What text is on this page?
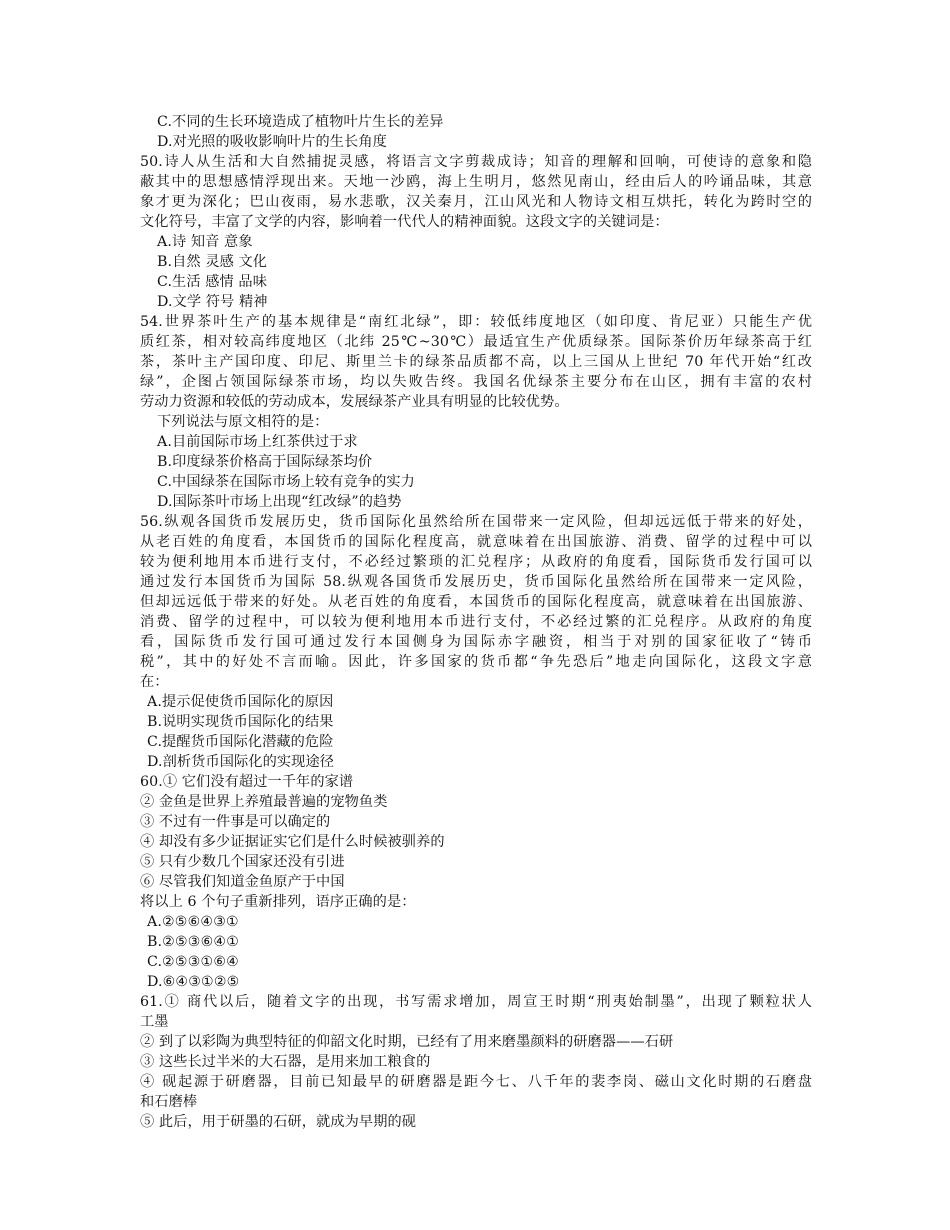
C.不同的生长环境造成了植物叶片生长的差异
D.对光照的吸收影响叶片的生长角度
50.诗人从生活和大自然捕捉灵感，将语言文字剪裁成诗；知音的理解和回响，可使诗的意象和隐
蔽其中的思想感情浮现出来。天地一沙鸥，海上生明月，悠然见南山，经由后人的吟诵品味，其意
象才更为深化；巴山夜雨，易水悲歌，汉关秦月，江山风光和人物诗文相互烘托，转化为跨时空的
文化符号，丰富了文学的内容，影响着一代代人的精神面貌。这段文字的关键词是：
A.诗 知音 意象
B.自然 灵感 文化
C.生活 感情 品味
D.文学 符号 精神
54.世界茶叶生产的基本规律是“南红北绿”，即：较低纬度地区（如印度、肯尼亚）只能生产优
质红茶，相对较高纬度地区（北纬 25℃~30℃）最适宜生产优质绿茶。国际茶价历年绿茶高于红
茶，茶叶主产国印度、印尼、斯里兰卡的绿茶品质都不高，以上三国从上世纪 70 年代开始“红改
绿”，企图占领国际绿茶市场，均以失败告终。我国名优绿茶主要分布在山区，拥有丰富的农村
劳动力资源和较低的劳动成本，发展绿茶产业具有明显的比较优势。
下列说法与原文相符的是：
A.目前国际市场上红茶供过于求
B.印度绿茶价格高于国际绿茶均价
C.中国绿茶在国际市场上较有竞争的实力
D.国际茶叶市场上出现“红改绿”的趋势
56.纵观各国货币发展历史，货币国际化虽然给所在国带来一定风险，但却远远低于带来的好处，
从老百姓的角度看，本国货币的国际化程度高，就意味着在出国旅游、消费、留学的过程中可以
较为便利地用本币进行支付，不必经过繁琐的汇兑程序；从政府的角度看，国际货币发行国可以
通过发行本国货币为国际 58.纵观各国货币发展历史，货币国际化虽然给所在国带来一定风险，
但却远远低于带来的好处。从老百姓的角度看，本国货币的国际化程度高，就意味着在出国旅游、
消费、留学的过程中，可以较为便利地用本币进行支付，不必经过繁的汇兑程序。从政府的角度
看，国际货币发行国可通过发行本国侧身为国际赤字融资，相当于对别的国家征收了“铸币
税”，其中的好处不言而喻。因此，许多国家的货币都“争先恐后”地走向国际化，这段文字意
在：
A.提示促使货币国际化的原因
B.说明实现货币国际化的结果
C.提醒货币国际化潜藏的危险
D.剖析货币国际化的实现途径
60.① 它们没有超过一千年的家谱
② 金鱼是世界上养殖最普遍的宠物鱼类
③ 不过有一件事是可以确定的
④ 却没有多少证据证实它们是什么时候被驯养的
⑤ 只有少数几个国家还没有引进
⑥ 尽管我们知道金鱼原产于中国
将以上 6 个句子重新排列，语序正确的是：
A.②⑤⑥④③①
B.②⑤③⑥④①
C.②⑤③①⑥④
D.⑥④③①②⑤
61.① 商代以后，随着文字的出现，书写需求增加，周宣王时期“刑夷始制墨”，出现了颗粒状人
工墨
② 到了以彩陶为典型特征的仰韶文化时期，已经有了用来磨墨颜料的研磨器——石研
③ 这些长过半米的大石器，是用来加工粮食的
④ 砚起源于研磨器，目前已知最早的研磨器是距今七、八千年的裴李岗、磁山文化时期的石磨盘
和石磨棒
⑤ 此后，用于研墨的石研，就成为早期的砚
